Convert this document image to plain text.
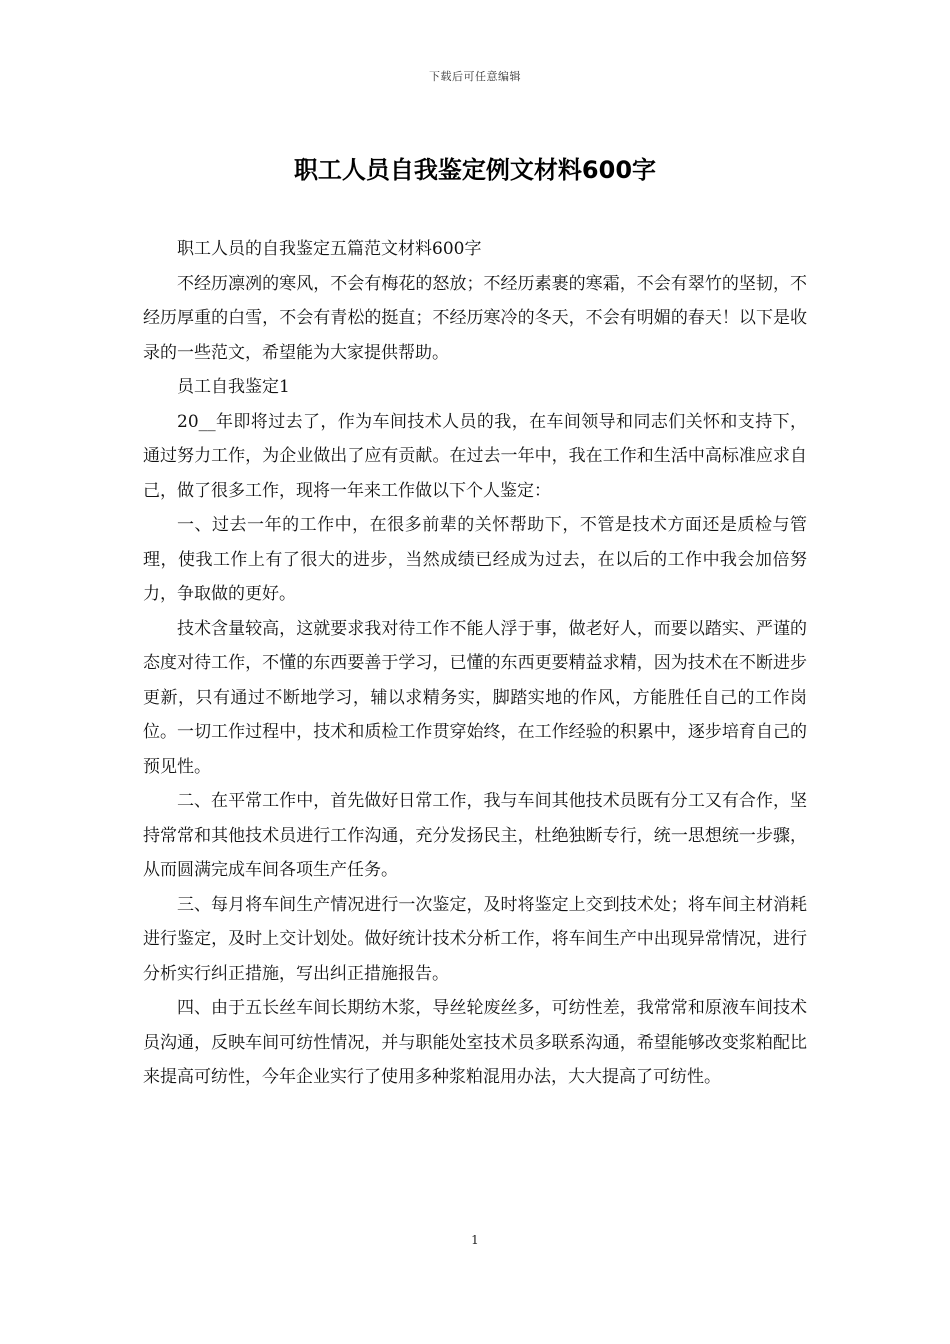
下载后可任意编辑
职工人员自我鉴定例文材料600字

职工人员的自我鉴定五篇范文材料600字

不经历凛冽的寒风，不会有梅花的怒放；不经历素裹的寒霜，不会有翠竹的坚韧，不经历厚重的白雪，不会有青松的挺直；不经历寒冷的冬天，不会有明媚的春天！以下是收录的一些范文，希望能为大家提供帮助。

员工自我鉴定1

20__年即将过去了，作为车间技术人员的我，在车间领导和同志们关怀和支持下，通过努力工作，为企业做出了应有贡献。在过去一年中，我在工作和生活中高标准应求自己，做了很多工作，现将一年来工作做以下个人鉴定：

一、过去一年的工作中，在很多前辈的关怀帮助下，不管是技术方面还是质检与管理，使我工作上有了很大的进步，当然成绩已经成为过去，在以后的工作中我会加倍努力，争取做的更好。

技术含量较高，这就要求我对待工作不能人浮于事，做老好人，而要以踏实、严谨的态度对待工作，不懂的东西要善于学习，已懂的东西更要精益求精，因为技术在不断进步更新，只有通过不断地学习，辅以求精务实，脚踏实地的作风，方能胜任自己的工作岗位。一切工作过程中，技术和质检工作贯穿始终，在工作经验的积累中，逐步培育自己的预见性。

二、在平常工作中，首先做好日常工作，我与车间其他技术员既有分工又有合作，坚持常常和其他技术员进行工作沟通，充分发扬民主，杜绝独断专行，统一思想统一步骤，从而圆满完成车间各项生产任务。

三、每月将车间生产情况进行一次鉴定，及时将鉴定上交到技术处；将车间主材消耗进行鉴定，及时上交计划处。做好统计技术分析工作，将车间生产中出现异常情况，进行分析实行纠正措施，写出纠正措施报告。

四、由于五长丝车间长期纺木浆，导丝轮废丝多，可纺性差，我常常和原液车间技术员沟通，反映车间可纺性情况，并与职能处室技术员多联系沟通，希望能够改变浆粕配比来提高可纺性，今年企业实行了使用多种浆粕混用办法，大大提高了可纺性。

1
